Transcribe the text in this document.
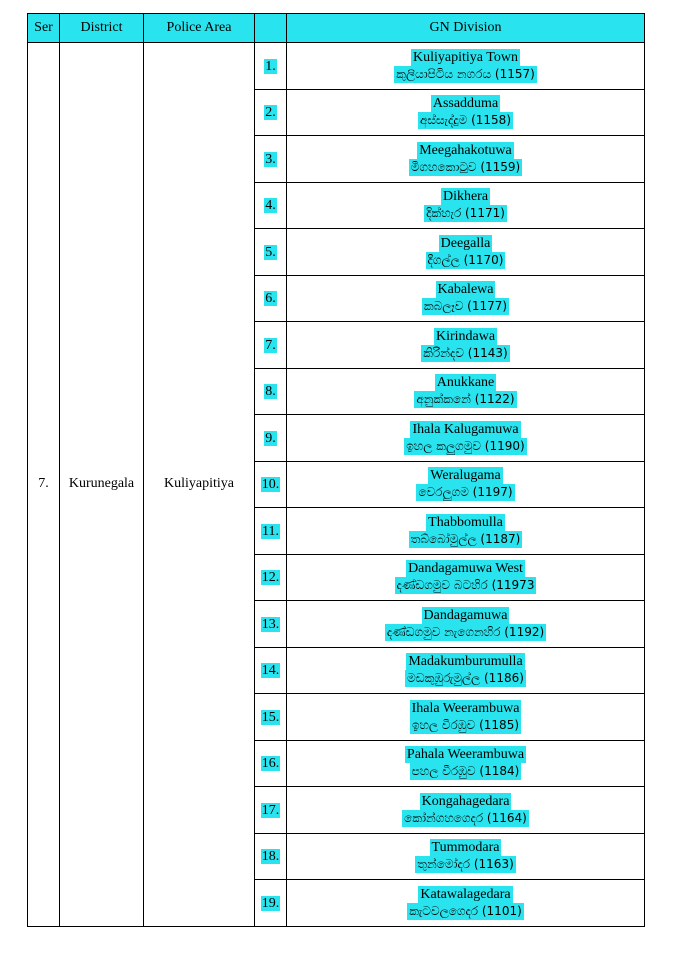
Ser	District	Police Area		GN Division
7.	Kurunegala	Kuliyapitiya	1.	Kuliyapitiya Town
කුලියාපිටිය නගරය (1157)
			2.	Assadduma
අස්සැද්දුම (1158)
			3.	Meegahakotuwa
මීගහකොටුව (1159)
			4.	Dikhera
දික්හැර (1171)
			5.	Deegalla
දීගල්ල (1170)
			6.	Kabalewa
කබලෑව (1177)
			7.	Kirindawa
කිරින්දව (1143)
			8.	Anukkane
අනුක්කනේ (1122)
			9.	Ihala Kalugamuwa
ඉහල කලුගමුව (1190)
			10.	Weralugama
වෙරලුගම (1197)
			11.	Thabbomulla
තබ්බෝමුල්ල (1187)
			12.	Dandagamuwa West
දණ්ඩගමුව බටහිර (11973
			13.	Dandagamuwa
දණ්ඩගමුව නැගෙනහිර (1192)
			14.	Madakumburumulla
මඩකුඹුරුමුල්ල (1186)
			15.	Ihala Weerambuwa
ඉහල වීරඹුව (1185)
			16.	Pahala Weerambuwa
පහල වීරඹුව (1184)
			17.	Kongahagedara
කෝන්ගහගෙදර (1164)
			18.	Tummodara
තුන්මෝදර (1163)
			19.	Katawalagedara
කැටවලගෙදර (1101)
